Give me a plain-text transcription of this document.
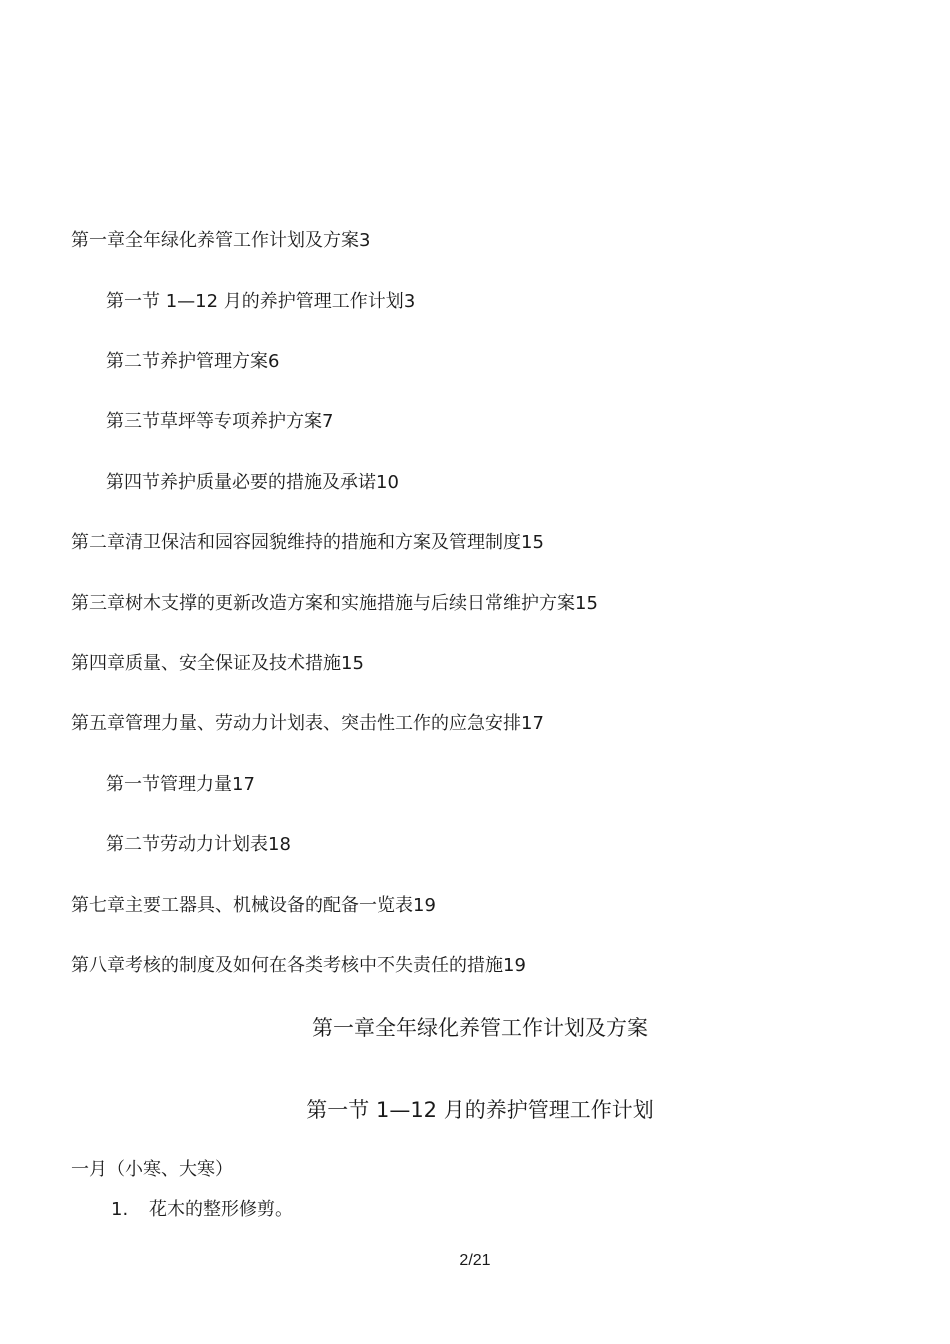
第一章全年绿化养管工作计划及方案3
第一节 1—12 月的养护管理工作计划3
第二节养护管理方案6
第三节草坪等专项养护方案7
第四节养护质量必要的措施及承诺10
第二章清卫保洁和园容园貌维持的措施和方案及管理制度15
第三章树木支撑的更新改造方案和实施措施与后续日常维护方案15
第四章质量、安全保证及技术措施15
第五章管理力量、劳动力计划表、突击性工作的应急安排17
第一节管理力量17
第二节劳动力计划表18
第七章主要工器具、机械设备的配备一览表19
第八章考核的制度及如何在各类考核中不失责任的措施19
第一章全年绿化养管工作计划及方案
第一节 1—12 月的养护管理工作计划
一月（小寒、大寒）
1. 花木的整形修剪。
2/21
